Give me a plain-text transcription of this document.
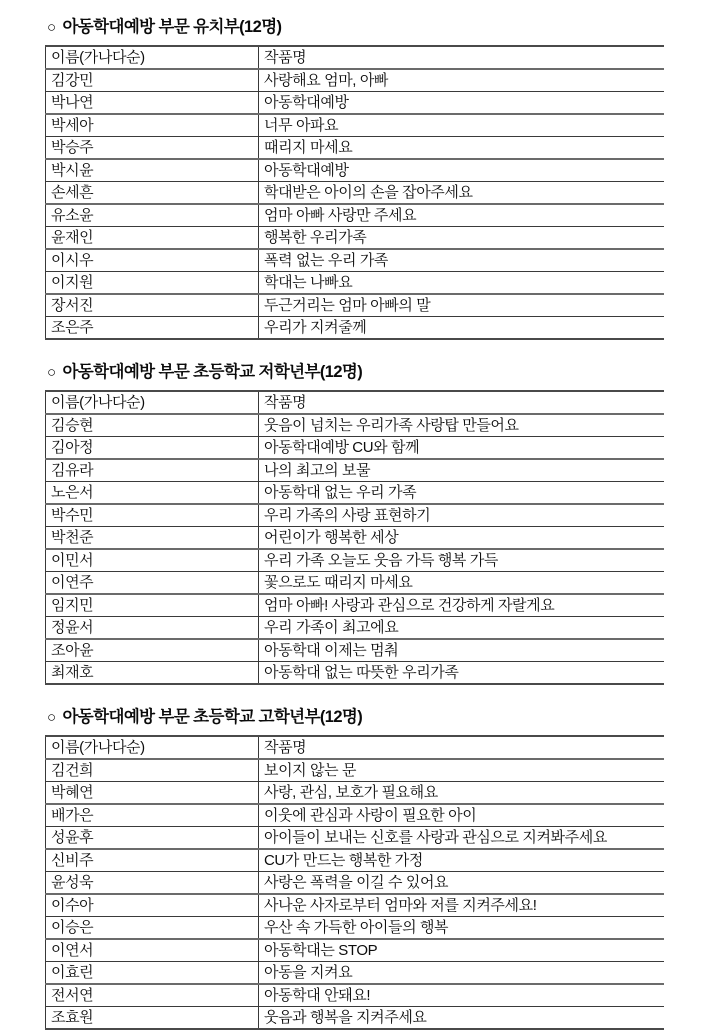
○ 아동학대예방 부문 유치부(12명)
이름(가나다순)	작품명
김강민	사랑해요 엄마, 아빠
박나연	아동학대예방
박세아	너무 아파요
박승주	때리지 마세요
박시윤	아동학대예방
손세흔	학대받은 아이의 손을 잡아주세요
유소윤	엄마 아빠 사랑만 주세요
윤재인	행복한 우리가족
이시우	폭력 없는 우리 가족
이지원	학대는 나빠요
장서진	두근거리는 엄마 아빠의 말
조은주	우리가 지켜줄께
○ 아동학대예방 부문 초등학교 저학년부(12명)
이름(가나다순)	작품명
김승현	웃음이 넘치는 우리가족 사랑탑 만들어요
김아정	아동학대예방 CU와 함께
김유라	나의 최고의 보물
노은서	아동학대 없는 우리 가족
박수민	우리 가족의 사랑 표현하기
박천준	어린이가 행복한 세상
이민서	우리 가족 오늘도 웃음 가득 행복 가득
이연주	꽃으로도 때리지 마세요
임지민	엄마 아빠! 사랑과 관심으로 건강하게 자랄게요
정윤서	우리 가족이 최고에요
조아윤	아동학대 이제는 멈춰
최재호	아동학대 없는 따뜻한 우리가족
○ 아동학대예방 부문 초등학교 고학년부(12명)
이름(가나다순)	작품명
김건희	보이지 않는 문
박혜연	사랑, 관심, 보호가 필요해요
배가은	이웃에 관심과 사랑이 필요한 아이
성윤후	아이들이 보내는 신호를 사랑과 관심으로 지켜봐주세요
신비주	CU가 만드는 행복한 가정
윤성욱	사랑은 폭력을 이길 수 있어요
이수아	사나운 사자로부터 엄마와 저를 지켜주세요!
이승은	우산 속 가득한 아이들의 행복
이연서	아동학대는 STOP
이효린	아동을 지켜요
전서연	아동학대 안돼요!
조효원	웃음과 행복을 지켜주세요
